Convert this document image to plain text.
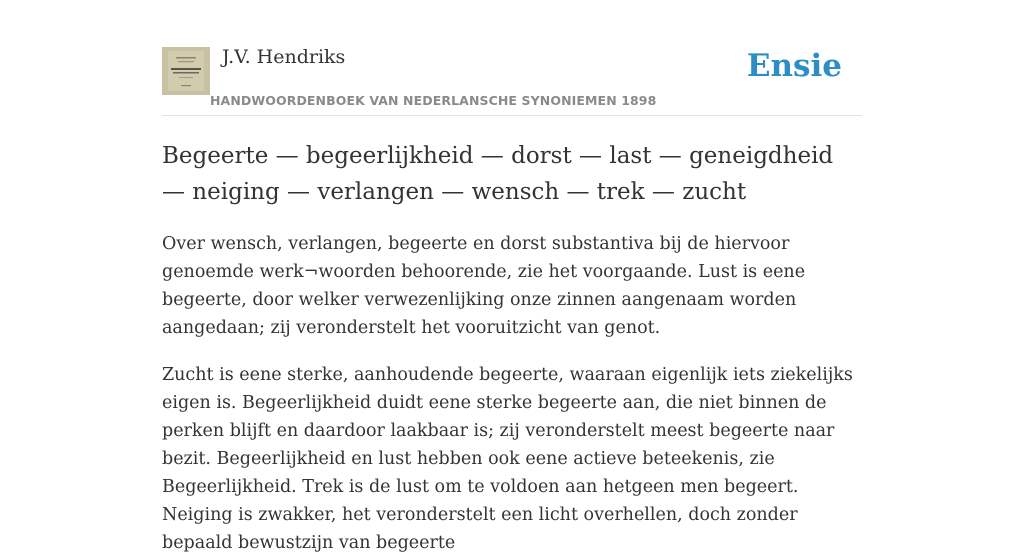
J.V. Hendriks
HANDWOORDENBOEK VAN NEDERLANSCHE SYNONIEMEN 1898
Ensie
Begeerte — begeerlijkheid — dorst — last — geneigdheid — neiging — verlangen — wensch — trek — zucht

Over wensch, verlangen, begeerte en dorst substantiva bij de hiervoor genoemde werk¬woorden behoorende, zie het voorgaande. Lust is eene begeerte, door welker verwezenlijking onze zinnen aangenaam worden aangedaan; zij veronderstelt het vooruitzicht van genot.

Zucht is eene sterke, aanhoudende begeerte, waaraan eigenlijk iets ziekelijks eigen is. Begeerlijkheid duidt eene sterke begeerte aan, die niet binnen de perken blijft en daardoor laakbaar is; zij veronderstelt meest begeerte naar bezit. Begeerlijkheid en lust hebben ook eene actieve beteekenis, zie Begeerlijkheid. Trek is de lust om te voldoen aan hetgeen men begeert. Neiging is zwakker, het veronderstelt een licht overhellen, doch zonder bepaald bewustzijn van begeerte
